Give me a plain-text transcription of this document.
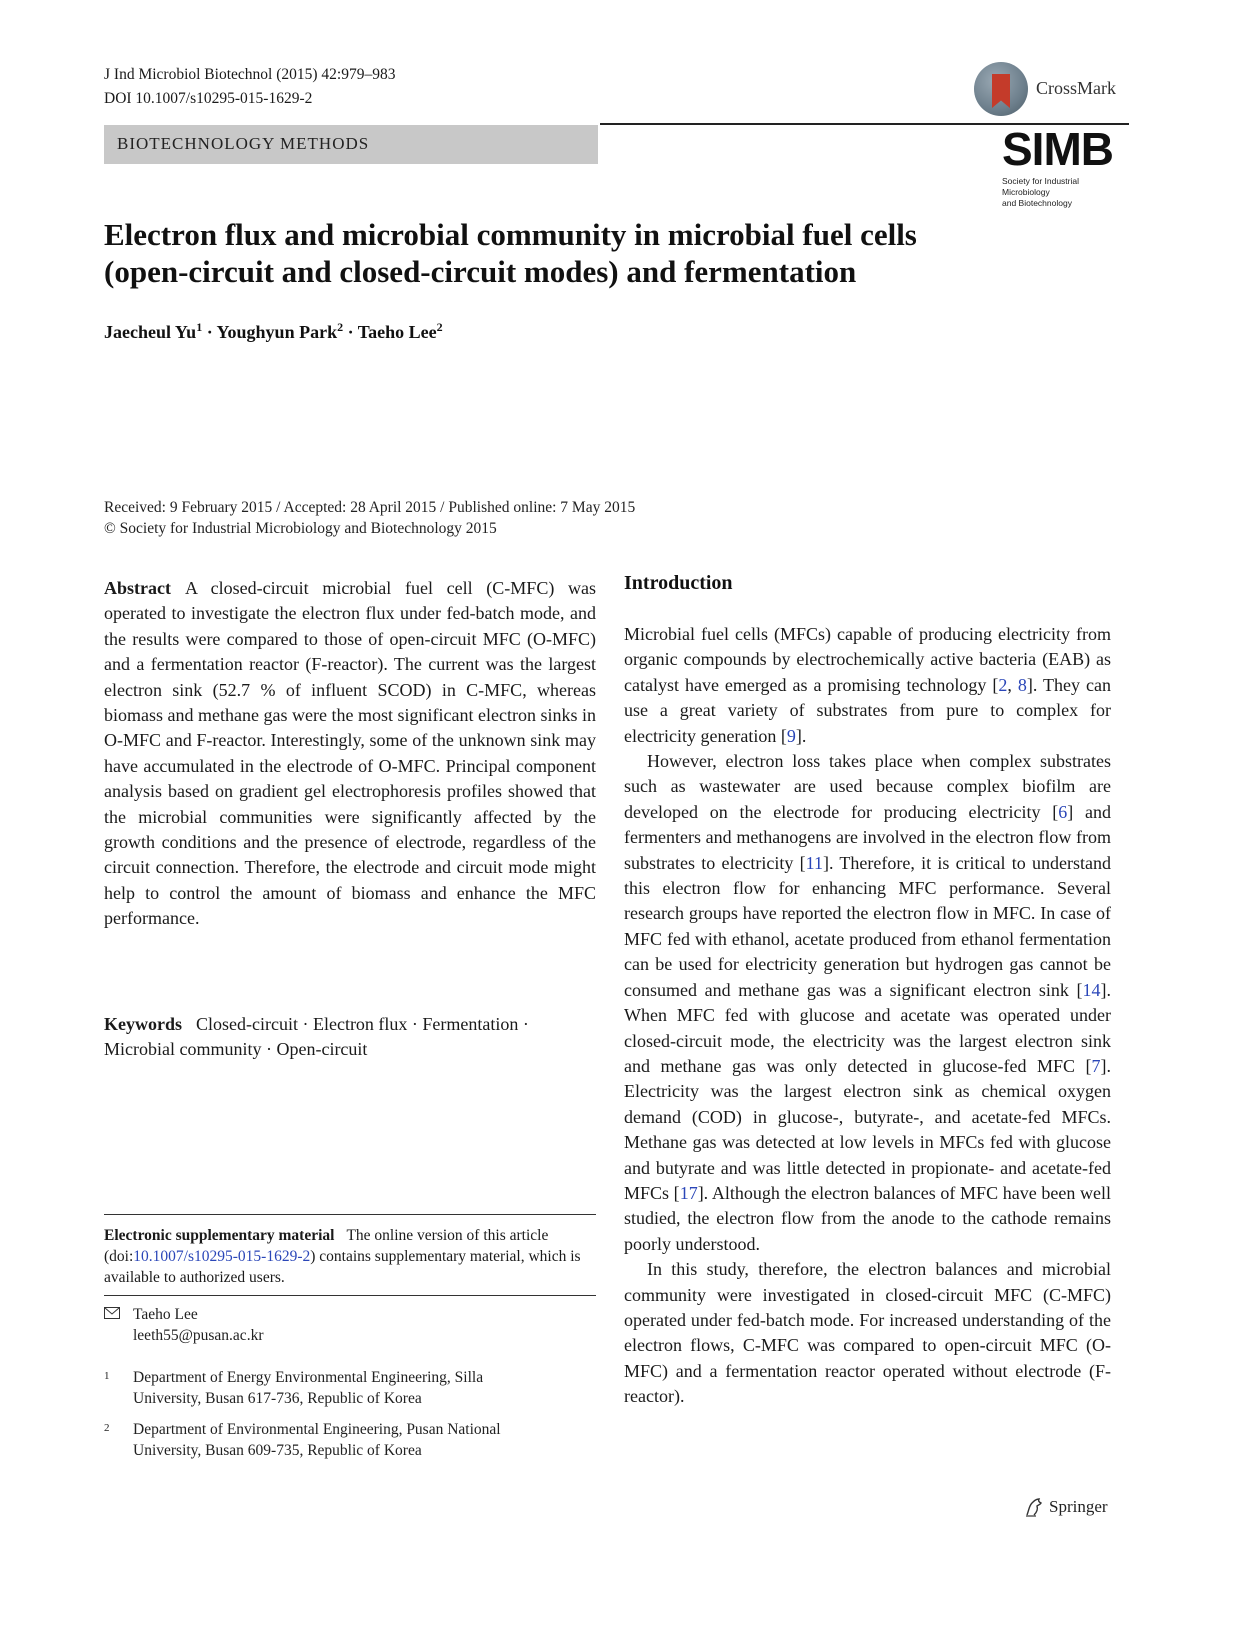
J Ind Microbiol Biotechnol (2015) 42:979–983
DOI 10.1007/s10295-015-1629-2
CrossMark
BIOTECHNOLOGY METHODS	SIMB
Society for Industrial Microbiology
and Biotechnology
Electron flux and microbial community in microbial fuel cells
(open-circuit and closed-circuit modes) and fermentation
Jaecheul $Yu^1$ · Youghyun Park$^2$ · Taeho Lee$^2$
Received: 9 February 2015 / Accepted: 28 April 2015 / Published online: 7 May 2015
© Society for Industrial Microbiology and Biotechnology 2015
Abstract A closed-circuit microbial fuel cell (C-MFC) was operated to investigate the electron flux under fed-batch mode, and the results were compared to those of open-circuit MFC (O-MFC) and a fermentation reactor (F-reactor). The current was the largest electron sink (52.7 % of influent SCOD) in C-MFC, whereas biomass and methane gas were the most significant electron sinks in O-MFC and F-reactor. Interestingly, some of the unknown sink may have accumulated in the electrode of O-MFC. Principal component analysis based on gradient gel electrophoresis profiles showed that the microbial communities were significantly affected by the growth conditions and the presence of electrode, regardless of the circuit connection. Therefore, the electrode and circuit mode might help to control the amount of biomass and enhance the MFC performance.
Keywords Closed-circuit · Electron flux · Fermentation · Microbial community · Open-circuit
Electronic supplementary material The online version of this article (doi:10.1007/s10295-015-1629-2) contains supplementary material, which is available to authorized users.
Taeho Lee
leeth55@pusan.ac.kr
1 Department of Energy Environmental Engineering, Silla
University, Busan 617-736, Republic of Korea
2 Department of Environmental Engineering, Pusan National
University, Busan 609-735, Republic of Korea
Introduction

Microbial fuel cells (MFCs) capable of producing electricity from organic compounds by electrochemically active bacteria (EAB) as catalyst have emerged as a promising technology [2, 8]. They can use a great variety of substrates from pure to complex for electricity generation [9].

However, electron loss takes place when complex substrates such as wastewater are used because complex biofilm are developed on the electrode for producing electricity [6] and fermenters and methanogens are involved in the electron flow from substrates to electricity [11]. Therefore, it is critical to understand this electron flow for enhancing MFC performance. Several research groups have reported the electron flow in MFC. In case of MFC fed with ethanol, acetate produced from ethanol fermentation can be used for electricity generation but hydrogen gas cannot be consumed and methane gas was a significant electron sink [14]. When MFC fed with glucose and acetate was operated under closed-circuit mode, the electricity was the largest electron sink and methane gas was only detected in glucose-fed MFC [7]. Electricity was the largest electron sink as chemical oxygen demand (COD) in glucose-, butyrate-, and acetate-fed MFCs. Methane gas was detected at low levels in MFCs fed with glucose and butyrate and was little detected in propionate- and acetate-fed MFCs [17]. Although the electron balances of MFC have been well studied, the electron flow from the anode to the cathode remains poorly understood.

In this study, therefore, the electron balances and microbial community were investigated in closed-circuit MFC (C-MFC) operated under fed-batch mode. For increased understanding of the electron flows, C-MFC was compared to open-circuit MFC (O-MFC) and a fermentation reactor operated without electrode (F-reactor).

Springer
